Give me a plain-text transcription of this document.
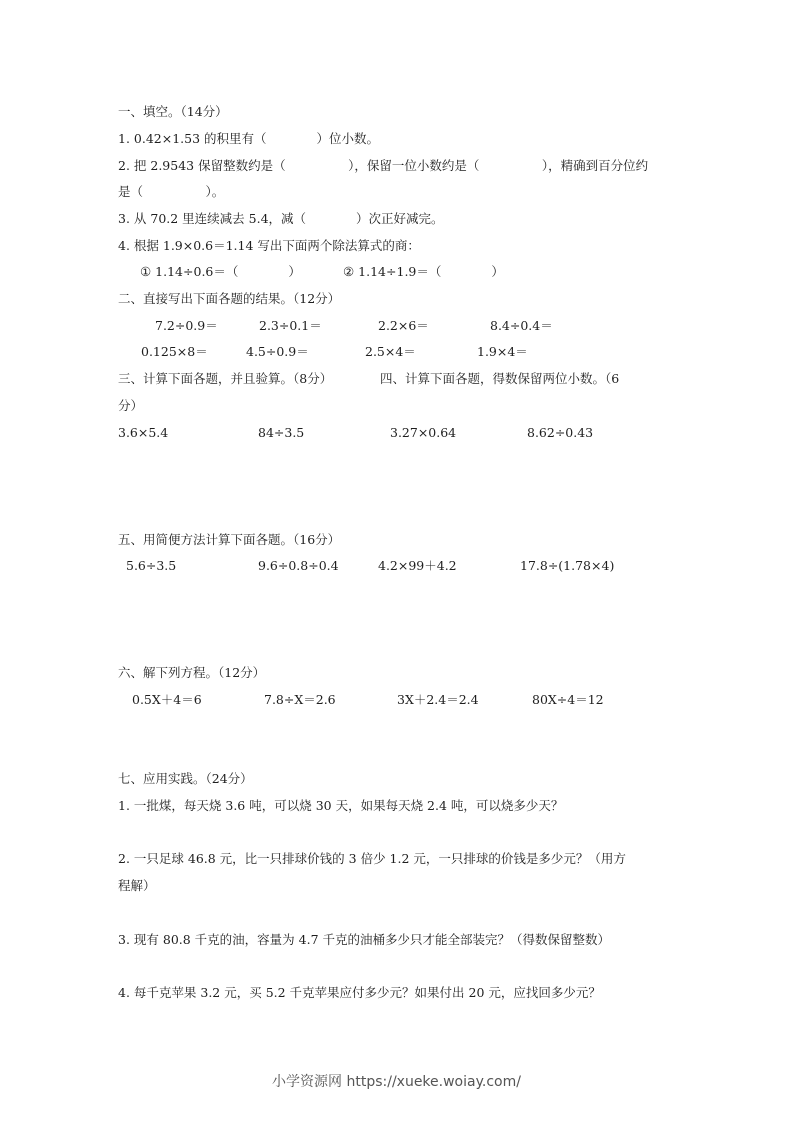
一、填空。（14分）
1. 0.42×1.53 的积里有（　　　　）位小数。
2. 把 2.9543 保留整数约是（　　　　　），保留一位小数约是（　　　　　），精确到百分位约
是（　　　　　）。
3. 从 70.2 里连续减去 5.4，减（　　　　）次正好减完。
4. 根据 1.9×0.6＝1.14 写出下面两个除法算式的商：
① 1.14÷0.6＝（　　　　）	② 1.14÷1.9＝（　　　　）
二、直接写出下面各题的结果。（12分）
7.2÷0.9＝	2.3÷0.1＝	2.2×6＝	8.4÷0.4＝
0.125×8＝	4.5÷0.9＝	2.5×4＝	1.9×4＝
三、计算下面各题，并且验算。（8分）	四、计算下面各题，得数保留两位小数。（6
分）
3.6×5.4	84÷3.5	3.27×0.64	8.62÷0.43
五、用简便方法计算下面各题。（16分）
5.6÷3.5	9.6÷0.8÷0.4	4.2×99＋4.2	17.8÷(1.78×4)
六、解下列方程。（12分）
0.5X＋4＝6	7.8÷X＝2.6	3X＋2.4＝2.4	80X÷4＝12
七、应用实践。（24分）
1. 一批煤，每天烧 3.6 吨，可以烧 30 天，如果每天烧 2.4 吨，可以烧多少天？
2. 一只足球 46.8 元，比一只排球价钱的 3 倍少 1.2 元，一只排球的价钱是多少元？（用方
程解）
3. 现有 80.8 千克的油，容量为 4.7 千克的油桶多少只才能全部装完？（得数保留整数）
4. 每千克苹果 3.2 元，买 5.2 千克苹果应付多少元？如果付出 20 元，应找回多少元？
小学资源网 https://xueke.woiay.com/
